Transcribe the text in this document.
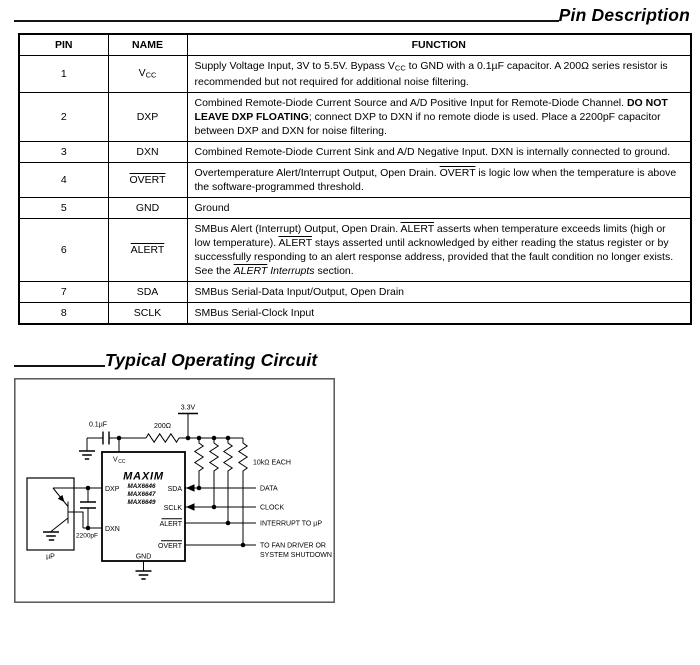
Pin Description
PIN	NAME	FUNCTION
1	VCC	Supply Voltage Input, 3V to 5.5V. Bypass VCC to GND with a 0.1µF capacitor. A 200Ω series resistor is recommended but not required for additional noise filtering.
2	DXP	Combined Remote-Diode Current Source and A/D Positive Input for Remote-Diode Channel. DO NOT LEAVE DXP FLOATING; connect DXP to DXN if no remote diode is used. Place a 2200pF capacitor between DXP and DXN for noise filtering.
3	DXN	Combined Remote-Diode Current Sink and A/D Negative Input. DXN is internally connected to ground.
4	OVERT	Overtemperature Alert/Interrupt Output, Open Drain. OVERT is logic low when the temperature is above the software-programmed threshold.
5	GND	Ground
6	ALERT	SMBus Alert (Interrupt) Output, Open Drain. ALERT asserts when temperature exceeds limits (high or low temperature). ALERT stays asserted until acknowledged by either reading the status register or by successfully responding to an alert response address, provided that the fault condition no longer exists. See the ALERT Interrupts section.
7	SDA	SMBus Serial-Data Input/Output, Open Drain
8	SCLK	SMBus Serial-Clock Input
Typical Operating Circuit
3.3V
0.1µF	200Ω
10kΩ EACH
V CC
MAXIM
MAX6646
MAX6647
MAX6649
DXP
DXN
SDA
SCLK
ALERT
OVERT
GND
µP
2200pF
DATA
CLOCK
INTERRUPT TO µP
TO FAN DRIVER OR
SYSTEM SHUTDOWN
